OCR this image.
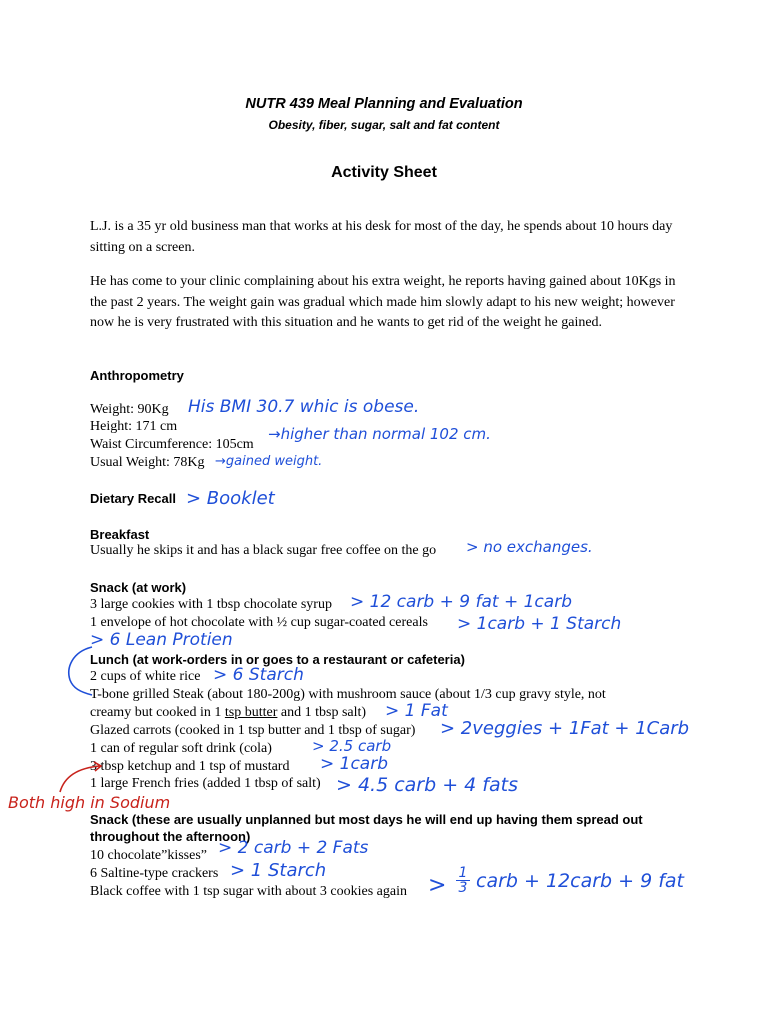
NUTR 439 Meal Planning and Evaluation
Obesity, fiber, sugar, salt and fat content
Activity Sheet
L.J. is a 35 yr old business man that works at his desk for most of the day, he spends about 10 hours day sitting on a screen.
He has come to your clinic complaining about his extra weight, he reports having gained about 10Kgs in the past 2 years. The weight gain was gradual which made him slowly adapt to his new weight; however now he is very frustrated with this situation and he wants to get rid of the weight he gained.
Anthropometry
Weight: 90Kg
Height: 171 cm
Waist Circumference: 105cm
Usual Weight: 78Kg
Dietary Recall
Breakfast
Usually he skips it and has a black sugar free coffee on the go
Snack (at work)
3 large cookies with 1 tbsp chocolate syrup
1 envelope of hot chocolate with ½ cup sugar-coated cereals
Lunch (at work-orders in or goes to a restaurant or cafeteria)
2 cups of white rice
T-bone grilled Steak (about 180-200g) with mushroom sauce (about 1/3 cup gravy style, not
creamy but cooked in 1 tsp butter and 1 tbsp salt)
Glazed carrots (cooked in 1 tsp butter and 1 tbsp of sugar)
1 can of regular soft drink (cola)
3 tbsp ketchup and 1 tsp of mustard
1 large French fries (added 1 tbsp of salt)
Snack (these are usually unplanned but most days he will end up having them spread out
throughout the afternoon)
10 chocolate”kisses”
6 Saltine-type crackers
Black coffee with 1 tsp sugar with about 3 cookies again
His BMI 30.7 whic is obese.
→higher than normal 102 cm.
→gained weight.
> Booklet
> no exchanges.
> 12 carb + 9 fat + 1carb
> 1carb + 1 Starch
> 6 Lean Protien
> 6 Starch
> 1 Fat
> 2veggies + 1Fat + 1Carb
> 2.5 carb
> 1carb
> 4.5 carb + 4 fats
> 2 carb + 2 Fats
> 1 Starch
> $\frac{1}{3}$ carb + 12carb + 9 fat
Both high in Sodium
